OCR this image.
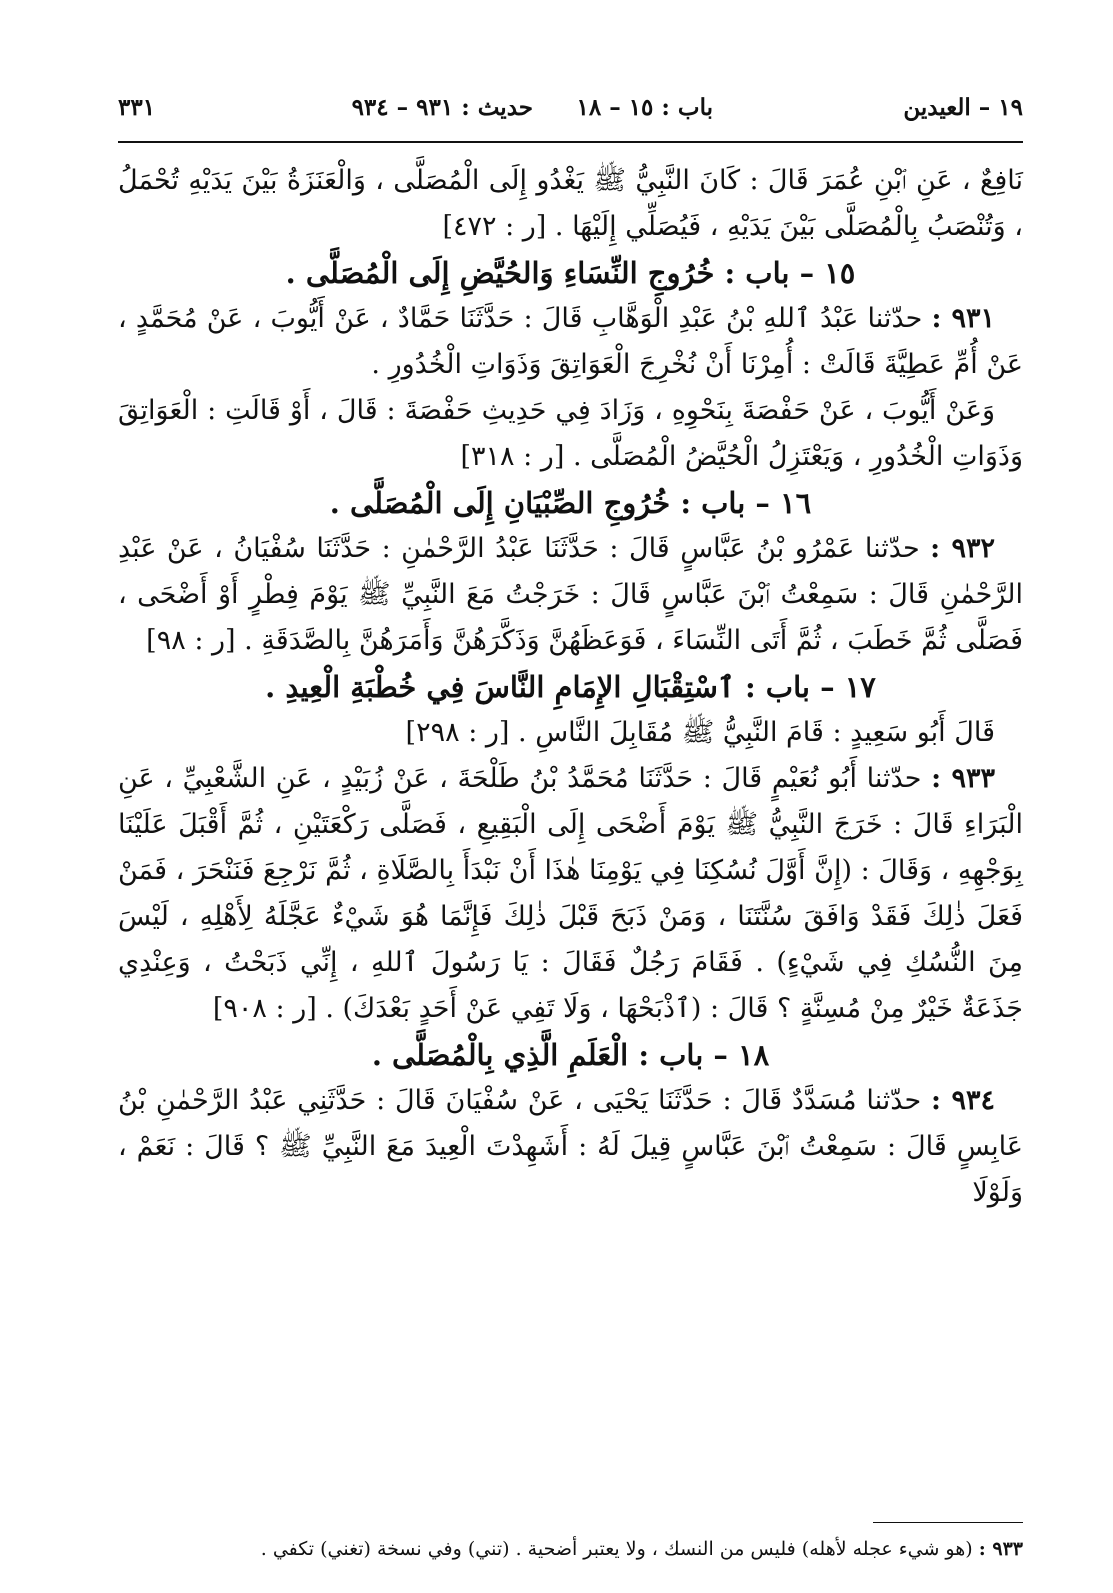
١٩ – العيدين
باب : ١٥ – ١٨
حديث : ٩٣١ – ٩٣٤
٣٣١

نَافِعٌ ، عَنِ ٱبْنِ عُمَرَ قَالَ : كَانَ النَّبِيُّ ﷺ يَغْدُو إِلَى الْمُصَلَّى ، وَالْعَنَزَةُ بَيْنَ يَدَيْهِ تُحْمَلُ ، وَتُنْصَبُ بِالْمُصَلَّى بَيْنَ يَدَيْهِ ، فَيُصَلِّي إِلَيْهَا . [ر : ٤٧٢]

١٥ – باب : خُرُوجِ النِّسَاءِ وَالحُيَّضِ إِلَى الْمُصَلَّى .

٩٣١ : حدّثنا عَبْدُ ٱللهِ بْنُ عَبْدِ الْوَهَّابِ قَالَ : حَدَّثَنَا حَمَّادٌ ، عَنْ أَيُّوبَ ، عَنْ مُحَمَّدٍ ، عَنْ أُمِّ عَطِيَّةَ قَالَتْ : أُمِرْنَا أَنْ نُخْرِجَ الْعَوَاتِقَ وَذَوَاتِ الْخُدُورِ .

وَعَنْ أَيُّوبَ ، عَنْ حَفْصَةَ بِنَحْوِهِ ، وَزَادَ فِي حَدِيثِ حَفْصَةَ : قَالَ ، أَوْ قَالَتِ : الْعَوَاتِقَ وَذَوَاتِ الْخُدُورِ ، وَيَعْتَزِلُ الْحُيَّضُ الْمُصَلَّى . [ر : ٣١٨]

١٦ – باب : خُرُوجِ الصِّبْيَانِ إِلَى الْمُصَلَّى .

٩٣٢ : حدّثنا عَمْرُو بْنُ عَبَّاسٍ قَالَ : حَدَّثَنَا عَبْدُ الرَّحْمٰنِ : حَدَّثَنَا سُفْيَانُ ، عَنْ عَبْدِ الرَّحْمٰنِ قَالَ : سَمِعْتُ ٱبْنَ عَبَّاسٍ قَالَ : خَرَجْتُ مَعَ النَّبِيِّ ﷺ يَوْمَ فِطْرٍ أَوْ أَضْحَى ، فَصَلَّى ثُمَّ خَطَبَ ، ثُمَّ أَتَى النِّسَاءَ ، فَوَعَظَهُنَّ وَذَكَّرَهُنَّ وَأَمَرَهُنَّ بِالصَّدَقَةِ . [ر : ٩٨]

١٧ – باب : ٱسْتِقْبَالِ الإِمَامِ النَّاسَ فِي خُطْبَةِ الْعِيدِ .

قَالَ أَبُو سَعِيدٍ : قَامَ النَّبِيُّ ﷺ مُقَابِلَ النَّاسِ . [ر : ٢٩٨]

٩٣٣ : حدّثنا أَبُو نُعَيْمٍ قَالَ : حَدَّثَنَا مُحَمَّدُ بْنُ طَلْحَةَ ، عَنْ زُبَيْدٍ ، عَنِ الشَّعْبِيِّ ، عَنِ الْبَرَاءِ قَالَ : خَرَجَ النَّبِيُّ ﷺ يَوْمَ أَضْحَى إِلَى الْبَقِيعِ ، فَصَلَّى رَكْعَتَيْنِ ، ثُمَّ أَقْبَلَ عَلَيْنَا بِوَجْهِهِ ، وَقَالَ : (إِنَّ أَوَّلَ نُسُكِنَا فِي يَوْمِنَا هٰذَا أَنْ نَبْدَأَ بِالصَّلَاةِ ، ثُمَّ نَرْجِعَ فَنَنْحَرَ ، فَمَنْ فَعَلَ ذٰلِكَ فَقَدْ وَافَقَ سُنَّتَنَا ، وَمَنْ ذَبَحَ قَبْلَ ذٰلِكَ فَإِنَّمَا هُوَ شَيْءٌ عَجَّلَهُ لِأَهْلِهِ ، لَيْسَ مِنَ النُّسُكِ فِي شَيْءٍ) . فَقَامَ رَجُلٌ فَقَالَ : يَا رَسُولَ ٱللهِ ، إِنِّي ذَبَحْتُ ، وَعِنْدِي جَذَعَةٌ خَيْرٌ مِنْ مُسِنَّةٍ ؟ قَالَ : (ٱذْبَحْهَا ، وَلَا تَفِي عَنْ أَحَدٍ بَعْدَكَ) . [ر : ٩٠٨]

١٨ – باب : الْعَلَمِ الَّذِي بِالْمُصَلَّى .

٩٣٤ : حدّثنا مُسَدَّدٌ قَالَ : حَدَّثَنَا يَحْيَى ، عَنْ سُفْيَانَ قَالَ : حَدَّثَنِي عَبْدُ الرَّحْمٰنِ بْنُ عَابِسٍ قَالَ : سَمِعْتُ ٱبْنَ عَبَّاسٍ قِيلَ لَهُ : أَشَهِدْتَ الْعِيدَ مَعَ النَّبِيِّ ﷺ ؟ قَالَ : نَعَمْ ، وَلَوْلَا

٩٣٣ : (هو شيء عجله لأهله) فليس من النسك ، ولا يعتبر أضحية . (تني) وفي نسخة (تغني) تكفي .
